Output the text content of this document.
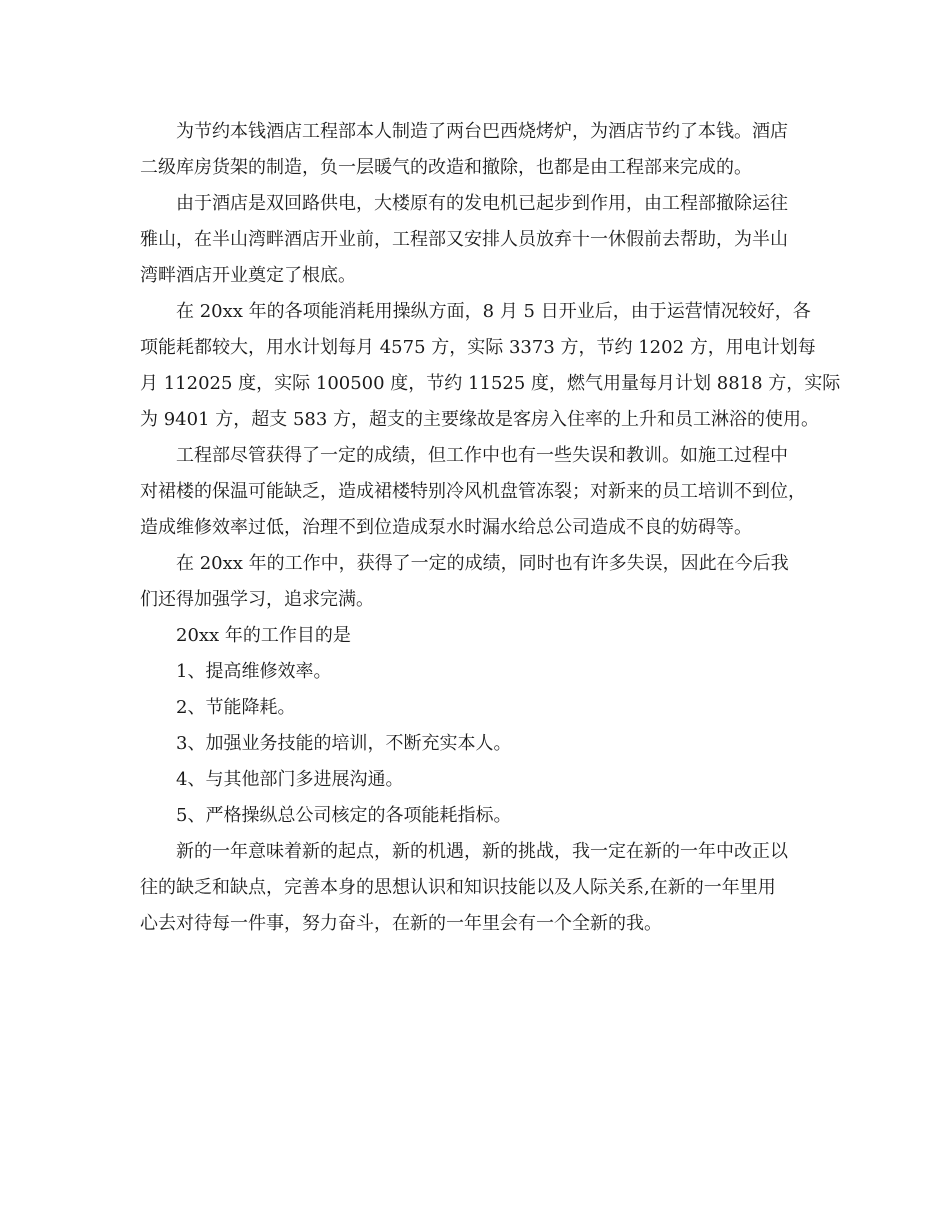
为节约本钱酒店工程部本人制造了两台巴西烧烤炉，为酒店节约了本钱。酒店
二级库房货架的制造，负一层暖气的改造和撤除，也都是由工程部来完成的。
由于酒店是双回路供电，大楼原有的发电机已起步到作用，由工程部撤除运往
雅山，在半山湾畔酒店开业前，工程部又安排人员放弃十一休假前去帮助，为半山
湾畔酒店开业奠定了根底。
在 20xx 年的各项能消耗用操纵方面，8 月 5 日开业后，由于运营情况较好，各
项能耗都较大，用水计划每月 4575 方，实际 3373 方，节约 1202 方，用电计划每
月 112025 度，实际 100500 度，节约 11525 度，燃气用量每月计划 8818 方，实际
为 9401 方，超支 583 方，超支的主要缘故是客房入住率的上升和员工淋浴的使用。
工程部尽管获得了一定的成绩，但工作中也有一些失误和教训。如施工过程中
对裙楼的保温可能缺乏，造成裙楼特别冷风机盘管冻裂；对新来的员工培训不到位，
造成维修效率过低，治理不到位造成泵水时漏水给总公司造成不良的妨碍等。
在 20xx 年的工作中，获得了一定的成绩，同时也有许多失误，因此在今后我
们还得加强学习，追求完满。
20xx 年的工作目的是
1、提高维修效率。
2、节能降耗。
3、加强业务技能的培训，不断充实本人。
4、与其他部门多进展沟通。
5、严格操纵总公司核定的各项能耗指标。
新的一年意味着新的起点，新的机遇，新的挑战，我一定在新的一年中改正以
往的缺乏和缺点，完善本身的思想认识和知识技能以及人际关系,在新的一年里用
心去对待每一件事，努力奋斗，在新的一年里会有一个全新的我。
